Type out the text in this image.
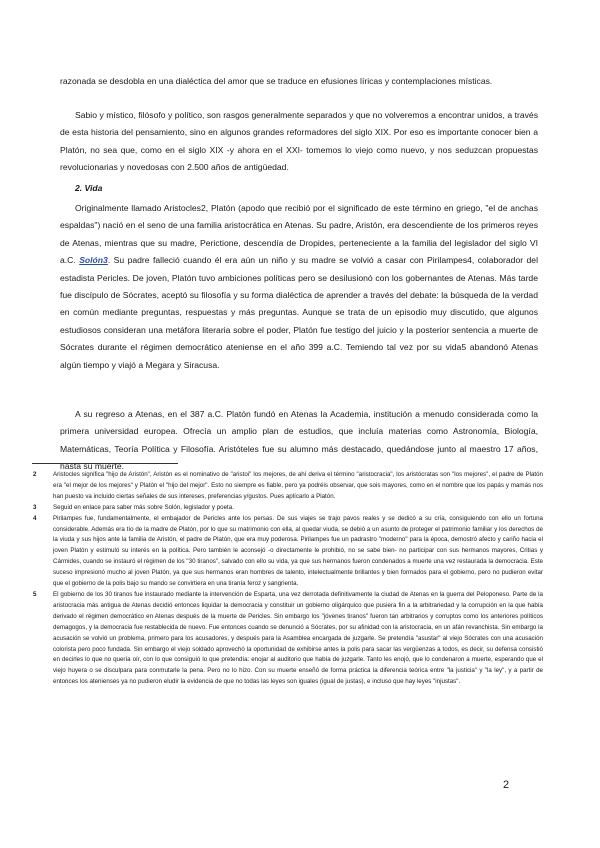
razonada se desdobla en una dialéctica del amor que se traduce en efusiones líricas y contemplaciones místicas.

Sabio y místico, filósofo y político, son rasgos generalmente separados y que no volveremos a encontrar unidos, a través de esta historia del pensamiento, sino en algunos grandes reformadores del siglo XIX. Por eso es importante conocer bien a Platón, no sea que, como en el siglo XIX -y ahora en el XXI- tomemos lo viejo como nuevo, y nos seduzcan propuestas revolucionarias y novedosas con 2.500 años de antigüedad.

2. Vida

Originalmente llamado Aristocles2, Platón (apodo que recibió por el significado de este término en griego, "el de anchas espaldas") nació en el seno de una familia aristocrática en Atenas. Su padre, Aristón, era descendiente de los primeros reyes de Atenas, mientras que su madre, Perictione, descendía de Dropides, perteneciente a la familia del legislador del siglo VI a.C. Solón3. Su padre falleció cuando él era aún un niño y su madre se volvió a casar con Pirilampes4, colaborador del estadista Pericles. De joven, Platón tuvo ambiciones políticas pero se desilusionó con los gobernantes de Atenas. Más tarde fue discípulo de Sócrates, aceptó su filosofía y su forma dialéctica de aprender a través del debate: la búsqueda de la verdad en común mediante preguntas, respuestas y más preguntas. Aunque se trata de un episodio muy discutido, que algunos estudiosos consideran una metáfora literaria sobre el poder, Platón fue testigo del juicio y la posterior sentencia a muerte de Sócrates durante el régimen democrático ateniense en el año 399 a.C. Temiendo tal vez por su vida5 abandonó Atenas algún tiempo y viajó a Megara y Siracusa.

A su regreso a Atenas, en el 387 a.C. Platón fundó en Atenas la Academia, institución a menudo considerada como la primera universidad europea. Ofrecía un amplio plan de estudios, que incluía materias como Astronomía, Biología, Matemáticas, Teoría Política y Filosofía. Aristóteles fue su alumno más destacado, quedándose junto al maestro 17 años, hasta su muerte.

2	Aristocles significa "hijo de Aristón", Aristón es el nominativo de "aristoi" los mejores, de ahí deriva el término "aristocracia", los aristócratas son "los mejores", el padre de Platón era "el mejor de los mejores" y Platón el "hijo del mejor". Esto no siempre es fiable, pero ya podréis observar, que sois mayores, como en el nombre que los papás y mamás nos han puesto va incluido ciertas señales de sus intereses, preferencias y/gustos. Pues aplícarlo a Platón.

3	Seguid en enlace para saber más sobre Solón, legislador y poeta.

4	Pirilampes fue, fundamentalmente, el embajador de Pericles ante los persas. De sus viajes se trajo pavos reales y se dedicó a su cría, consiguiendo con ello un fortuna considerable. Además era tío de la madre de Platón, por lo que su matrimonio con ella, al quedar viuda, se debió a un asunto de proteger el patrimonio familiar y los derechos de la viuda y sus hijos ante la familia de Aristón, el padre de Platón, que era muy poderosa. Pirilampes fue un padrastro "moderno" para la época, demostró afecto y cariño hacia el joven Platón y estimuló su interés en la política. Pero también le aconsejó -o directamente le prohibió, no se sabe bien- no participar con sus hermanos mayores, Critias y Cármides, cuando se instauró el régimen de los "30 tiranos", salvado con ello su vida, ya que sus hermanos fueron condenados a muerte una vez restaurada la democracia. Este suceso impresionó mucho al joven Platón, ya que sus hermanos eran hombres de talento, intelectualmente brillantes y bien formados para el gobierno, pero no pudieron evitar que el gobierno de la polis bajo su mando se convirtiera en una tiranía feroz y sangrienta.

5	El gobierno de los 30 tiranos fue instaurado mediante la intervención de Esparta, una vez derrotada definitivamente la ciudad de Atenas en la guerra del Peloponeso. Parte de la aristocracia más antigua de Atenas decidió entonces liquidar la democracia y constituir un gobierno oligárquico que pusiera fin a la arbitrariedad y la corrupción en la que había derivado el régimen democrático en Atenas después de la muerte de Pericles. Sin embargo los "jóvenes tiranos" fueron tan arbitrarios y corruptos como los anteriores políticos demagogos, y la democracia fue restablecida de nuevo. Fue entonces cuando se denunció a Sócrates, por su afinidad con la aristocracia, en un afán revanchista. Sin embargo la acusación se volvió un problema, primero para los acusadores, y después para la Asamblea encargada de juzgarle. Se pretendía "asustar" al viejo Sócrates con una acusación colorista pero poco fundada. Sin embargo el viejo soldado aprovechó la oportunidad de exhibirse antes la polis para sacar las vergüenzas a todos, es decir, su defensa consistió en decirles lo que no quería oír, con lo que consiguió lo que pretendía: enojar al auditorio que había de juzgarle. Tanto les enojó, que lo condenaron a muerte, esperando que el viejo huyera o se disculpara para conmutarle la pena. Pero no lo hizo. Con su muerte enseñó de forma práctica la diferencia teórica entre "la justicia" y "la ley", y a partir de entonces los atenienses ya no pudieron eludir la evidencia de que no todas las leyes son iguales (igual de justas), e incluso que hay leyes "injustas".

2
